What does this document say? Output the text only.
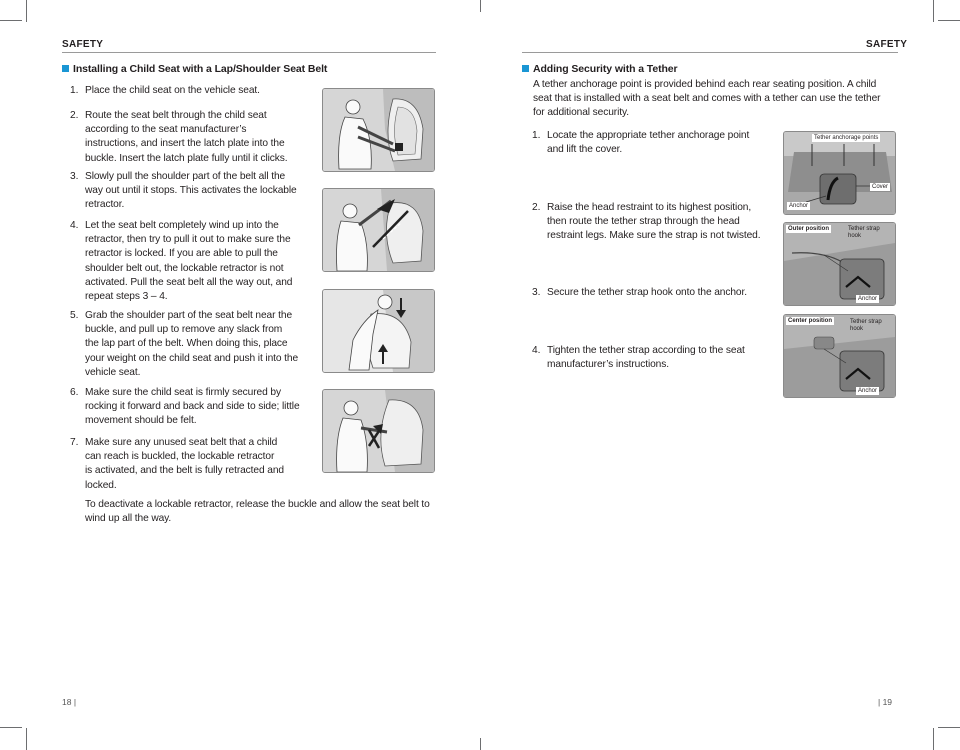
SAFETY
Installing a Child Seat with a Lap/Shoulder Seat Belt
1. Place the child seat on the vehicle seat.
2. Route the seat belt through the child seat
according to the seat manufacturer’s
instructions, and insert the latch plate into the
buckle. Insert the latch plate fully until it clicks.
3. Slowly pull the shoulder part of the belt all the
way out until it stops. This activates the lockable
retractor.
4. Let the seat belt completely wind up into the
retractor, then try to pull it out to make sure the
retractor is locked. If you are able to pull the
shoulder belt out, the lockable retractor is not
activated. Pull the seat belt all the way out, and
repeat steps 3 – 4.
5. Grab the shoulder part of the seat belt near the
buckle, and pull up to remove any slack from
the lap part of the belt. When doing this, place
your weight on the child seat and push it into the
vehicle seat.
6. Make sure the child seat is firmly secured by
rocking it forward and back and side to side; little
movement should be felt.
7. Make sure any unused seat belt that a child
can reach is buckled, the lockable retractor
is activated, and the belt is fully retracted and
locked.
To deactivate a lockable retractor, release the buckle and allow the seat belt to
wind up all the way.
18 |
SAFETY
Adding Security with a Tether
A tether anchorage point is provided behind each rear seating position. A child
seat that is installed with a seat belt and comes with a tether can use the tether
for additional security.
1. Locate the appropriate tether anchorage point
and lift the cover.
2. Raise the head restraint to its highest position,
then route the tether strap through the head
restraint legs. Make sure the strap is not twisted.
3. Secure the tether strap hook onto the anchor.
4. Tighten the tether strap according to the seat
manufacturer’s instructions.
Tether anchorage points
Cover
Anchor
Outer position	Tether strap
hook
Anchor
Center position	Tether strap
hook
Anchor
| 19
